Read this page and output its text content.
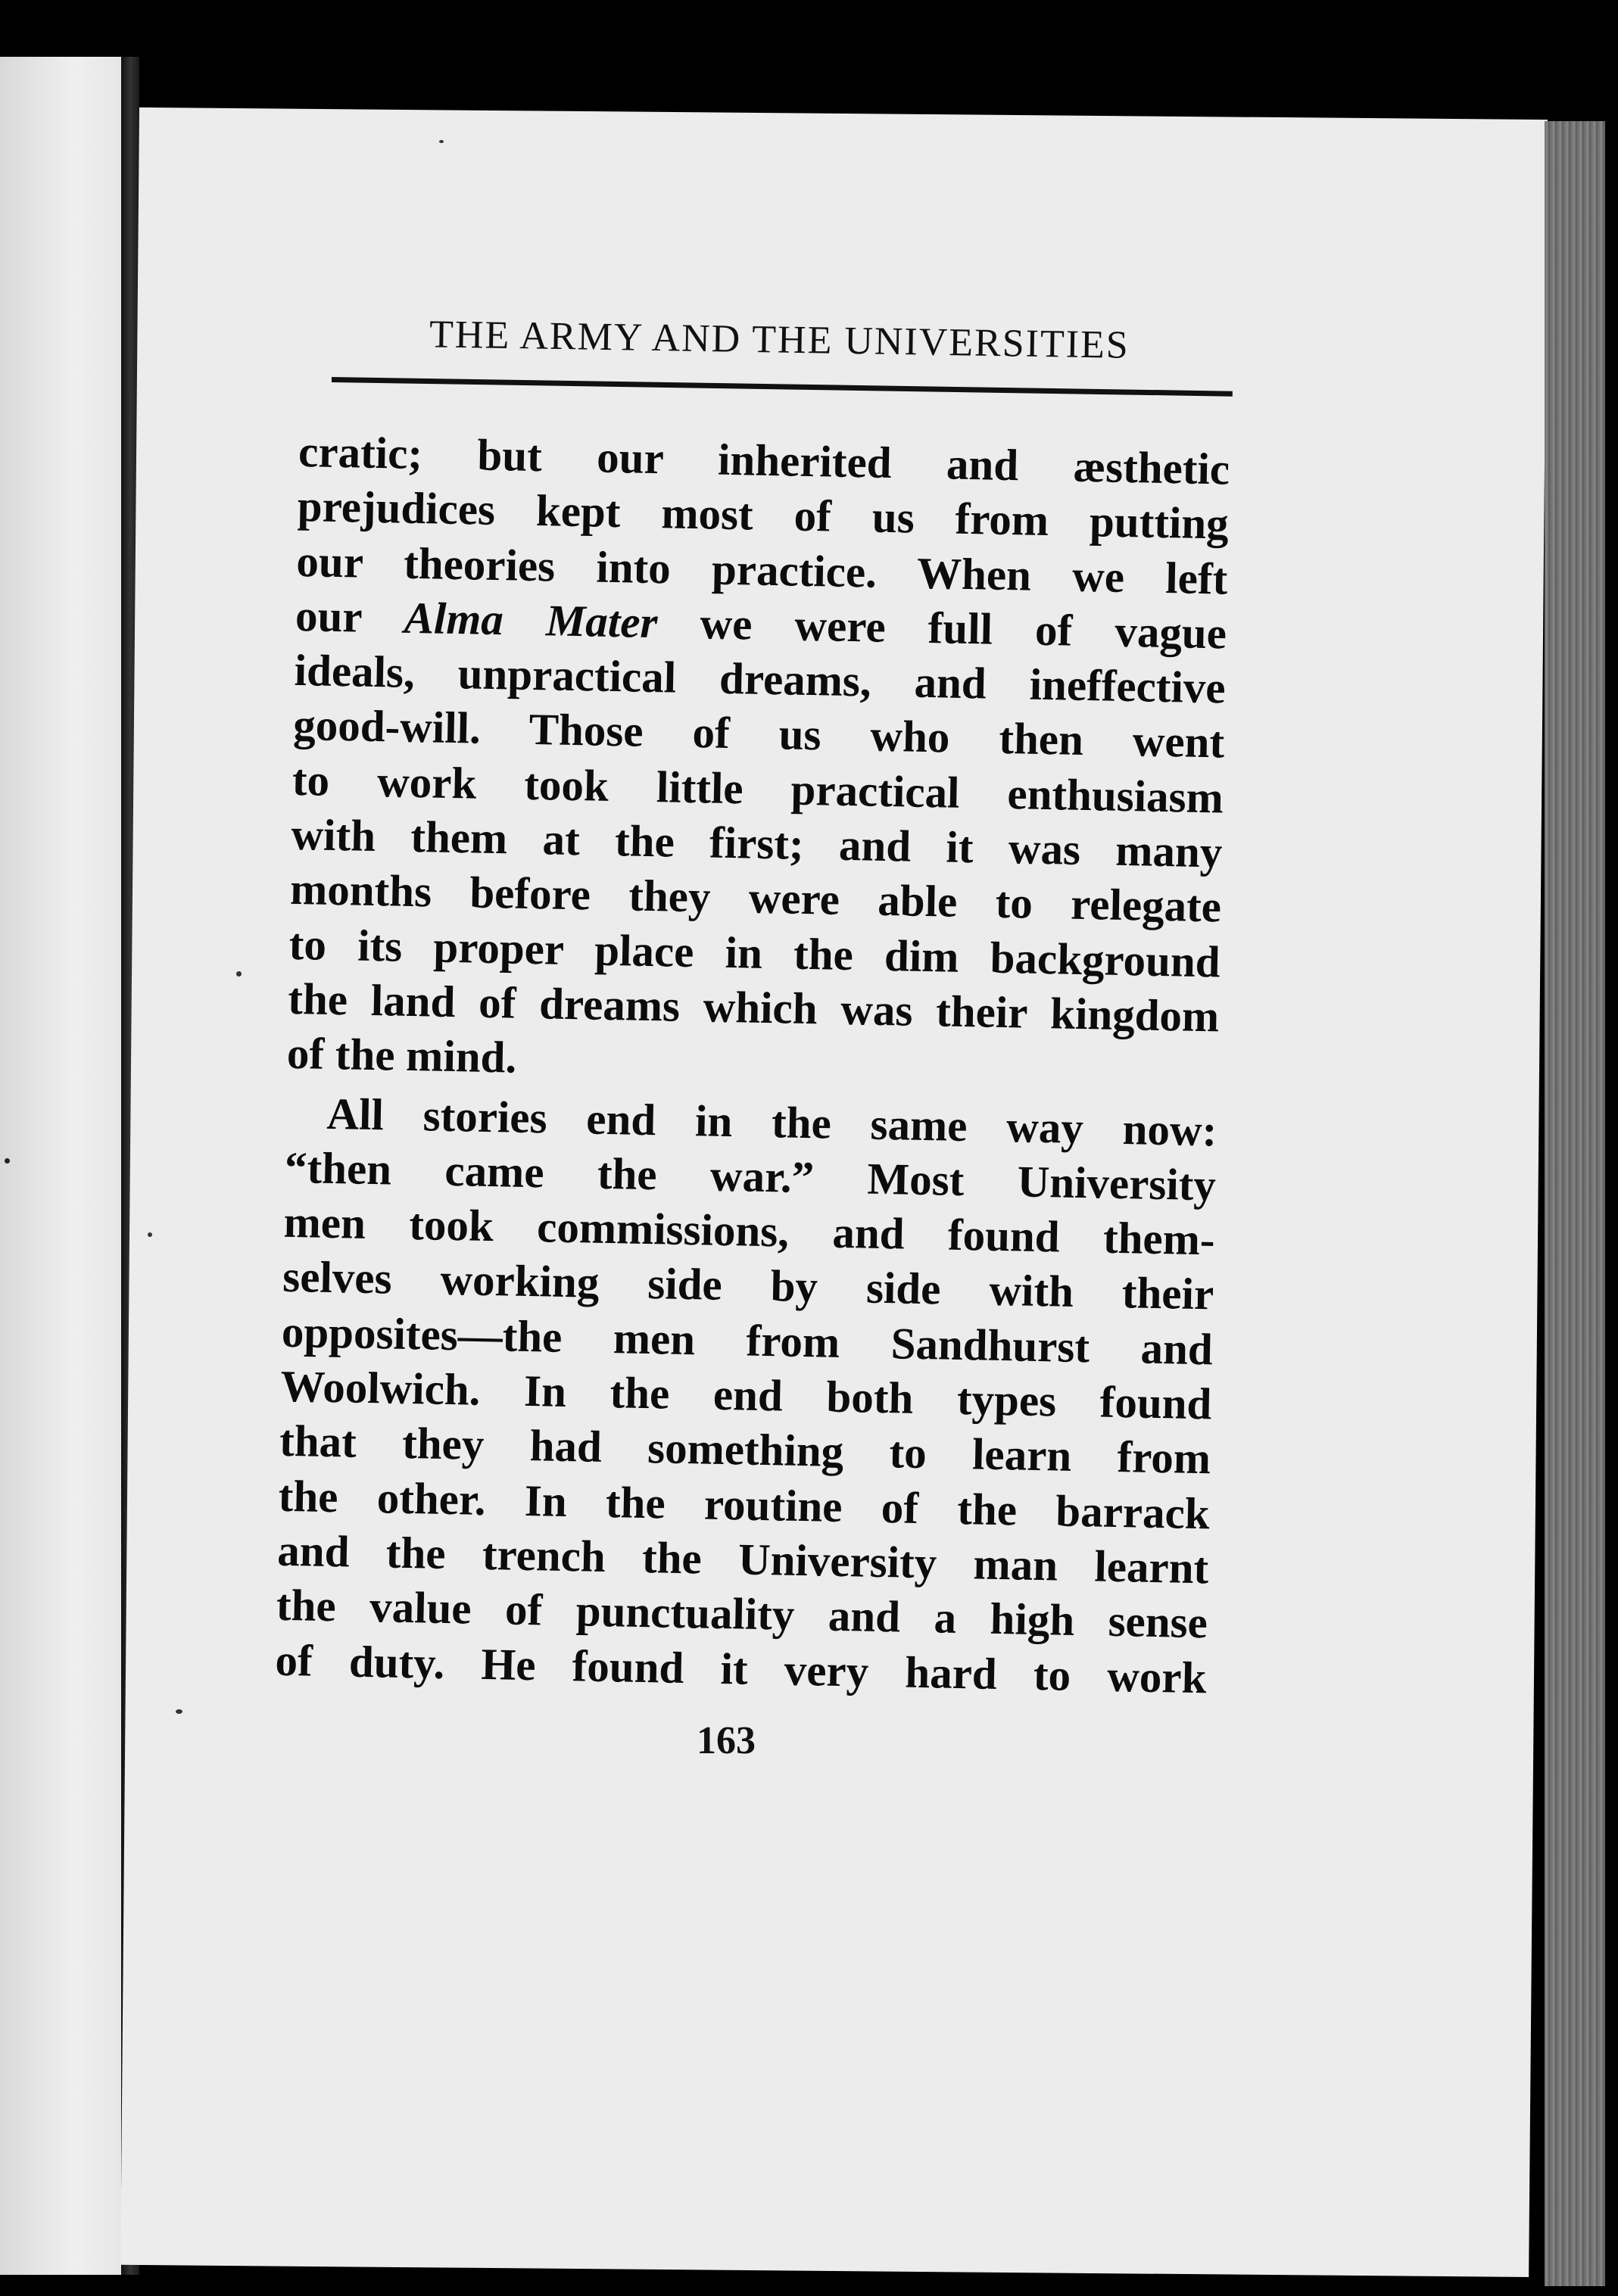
THE ARMY AND THE UNIVERSITIES
cratic; but our inherited and æsthetic
prejudices kept most of us from putting
our theories into practice. When we left
our Alma Mater we were full of vague
ideals, unpractical dreams, and ineffective
good-will. Those of us who then went
to work took little practical enthusiasm
with them at the first; and it was many
months before they were able to relegate
to its proper place in the dim background
the land of dreams which was their kingdom
of the mind.
All stories end in the same way now:
“then came the war.” Most University
men took commissions, and found them-
selves working side by side with their
opposites—the men from Sandhurst and
Woolwich. In the end both types found
that they had something to learn from
the other. In the routine of the barrack
and the trench the University man learnt
the value of punctuality and a high sense
of duty. He found it very hard to work
163
